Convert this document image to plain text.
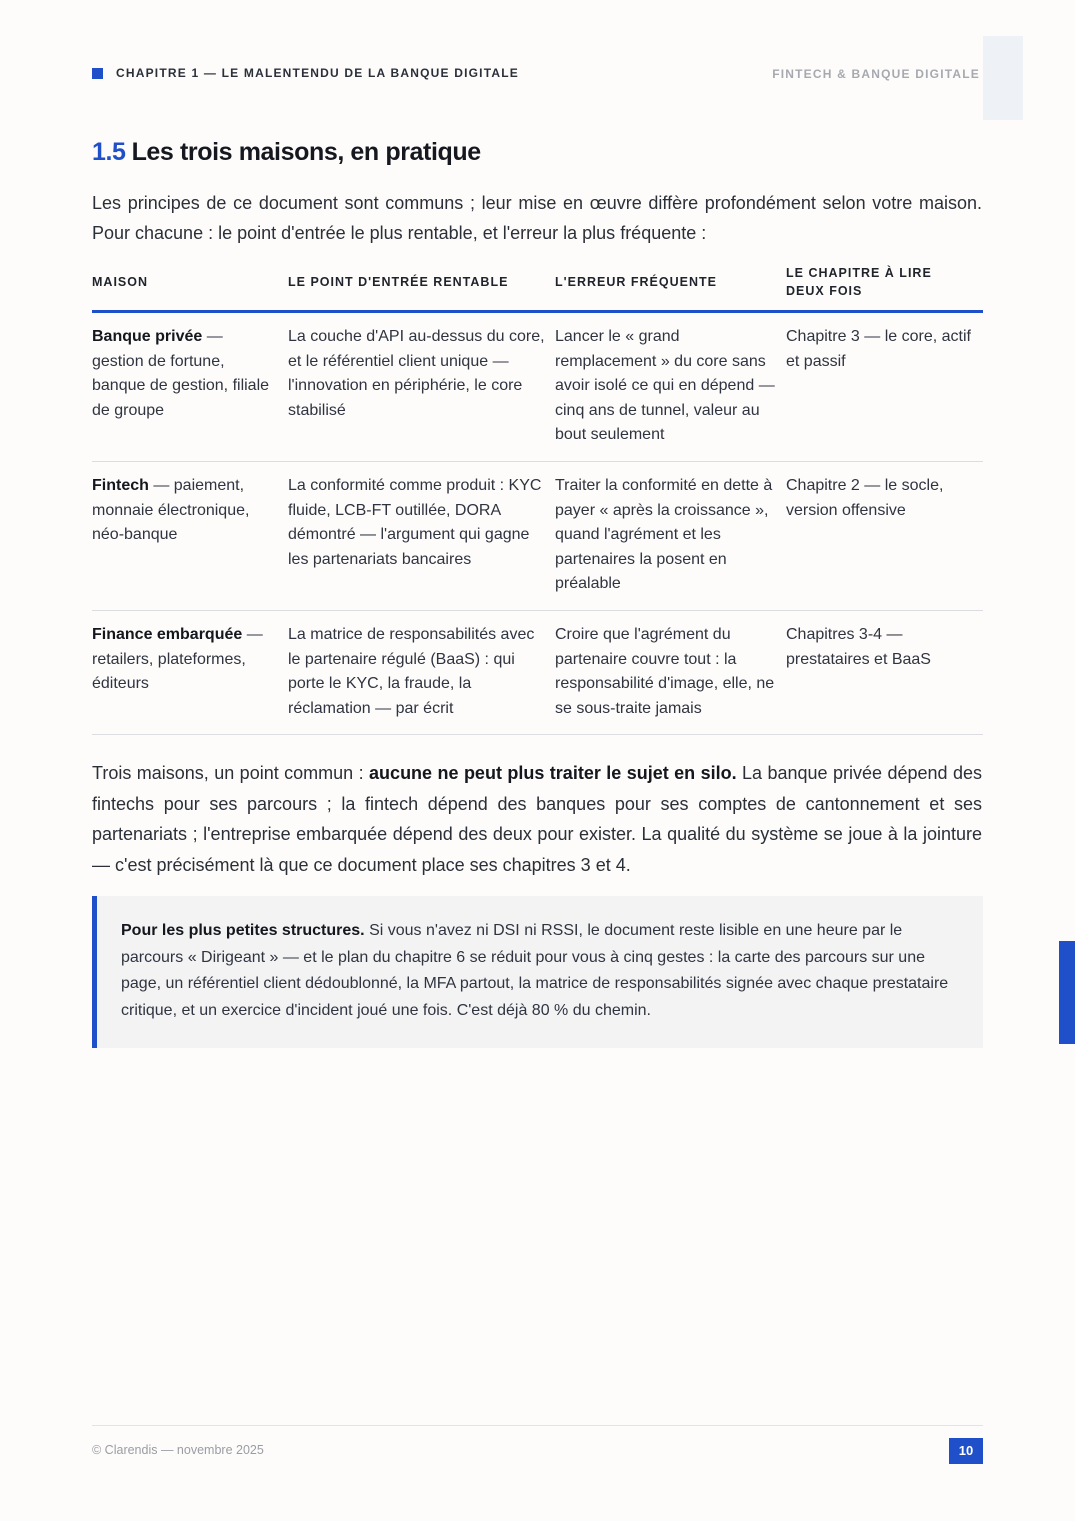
CHAPITRE 1 — LE MALENTENDU DE LA BANQUE DIGITALE	FINTECH & BANQUE DIGITALE
1.5 Les trois maisons, en pratique

Les principes de ce document sont communs ; leur mise en œuvre diffère profondément selon votre maison. Pour chacune : le point d'entrée le plus rentable, et l'erreur la plus fréquente :

MAISON	LE POINT D'ENTRÉE RENTABLE	L'ERREUR FRÉQUENTE	LE CHAPITRE À LIRE DEUX FOIS
Banque privée — gestion de fortune, banque de gestion, filiale de groupe	La couche d'API au-dessus du core, et le référentiel client unique — l'innovation en périphérie, le core stabilisé	Lancer le « grand remplacement » du core sans avoir isolé ce qui en dépend — cinq ans de tunnel, valeur au bout seulement	Chapitre 3 — le core, actif et passif
Fintech — paiement, monnaie électronique, néo-banque	La conformité comme produit : KYC fluide, LCB-FT outillée, DORA démontré — l'argument qui gagne les partenariats bancaires	Traiter la conformité en dette à payer « après la croissance », quand l'agrément et les partenaires la posent en préalable	Chapitre 2 — le socle, version offensive
Finance embarquée — retailers, plateformes, éditeurs	La matrice de responsabilités avec le partenaire régulé (BaaS) : qui porte le KYC, la fraude, la réclamation — par écrit	Croire que l'agrément du partenaire couvre tout : la responsabilité d'image, elle, ne se sous-traite jamais	Chapitres 3-4 — prestataires et BaaS

Trois maisons, un point commun : aucune ne peut plus traiter le sujet en silo. La banque privée dépend des fintechs pour ses parcours ; la fintech dépend des banques pour ses comptes de cantonnement et ses partenariats ; l'entreprise embarquée dépend des deux pour exister. La qualité du système se joue à la jointure — c'est précisément là que ce document place ses chapitres 3 et 4.

Pour les plus petites structures. Si vous n'avez ni DSI ni RSSI, le document reste lisible en une heure par le parcours « Dirigeant » — et le plan du chapitre 6 se réduit pour vous à cinq gestes : la carte des parcours sur une page, un référentiel client dédoublonné, la MFA partout, la matrice de responsabilités signée avec chaque prestataire critique, et un exercice d'incident joué une fois. C'est déjà 80 % du chemin.

© Clarendis — novembre 2025	10
